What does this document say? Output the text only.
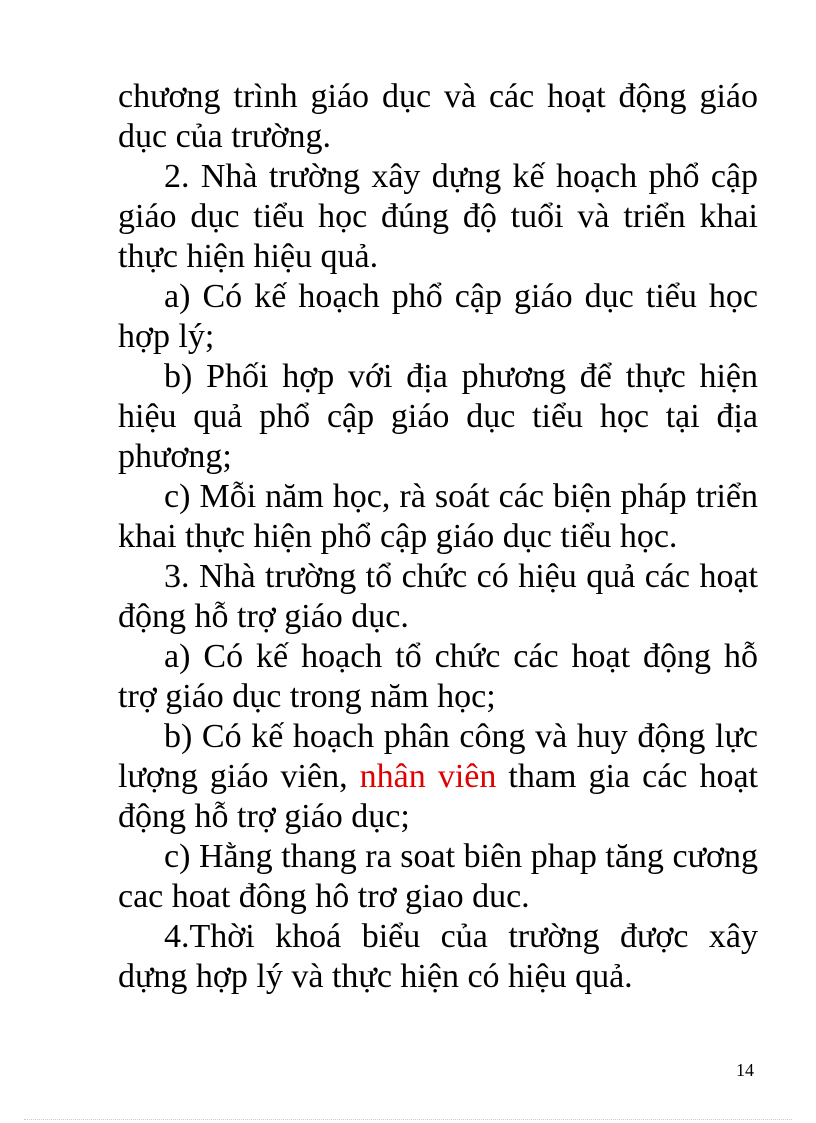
chương trình giáo dục và các hoạt động giáo dục của trường.

2. Nhà trường xây dựng kế hoạch phổ cập giáo dục tiểu học đúng độ tuổi và triển khai thực hiện hiệu quả.

a) Có kế hoạch phổ cập giáo dục tiểu học hợp lý;

b) Phối hợp với địa phương để thực hiện hiệu quả phổ cập giáo dục tiểu học tại địa phương;

c) Mỗi năm học, rà soát các biện pháp triển khai thực hiện phổ cập giáo dục tiểu học.

3. Nhà trường tổ chức có hiệu quả các hoạt động hỗ trợ giáo dục.

a) Có kế hoạch tổ chức các hoạt động hỗ trợ giáo dục trong năm học;

b) Có kế hoạch phân công và huy động lực lượng giáo viên, nhân viên tham gia các hoạt động hỗ trợ giáo dục;

c) Hằng thang ra soat biên phap tăng cương cac hoat đông hô trơ giao duc.

4.Thời khoá biểu của trường được xây dựng hợp lý và thực hiện có hiệu quả.

14
